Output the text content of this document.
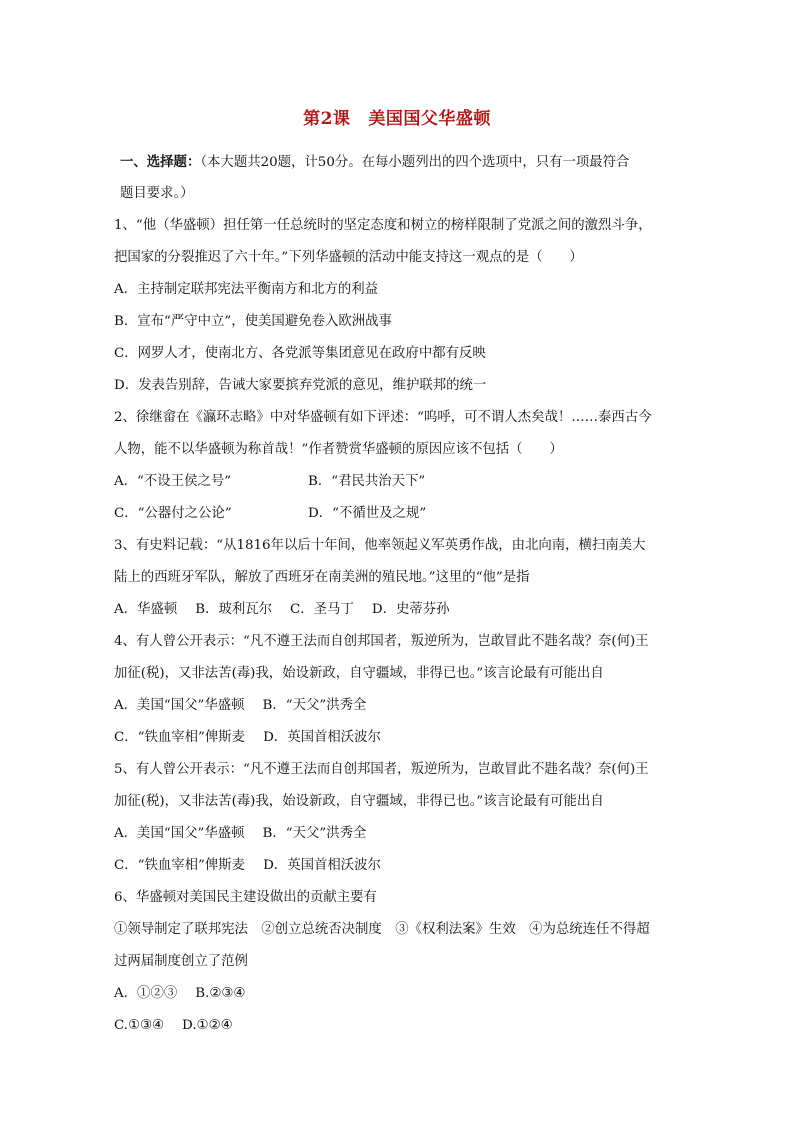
第2课 美国国父华盛顿
一、选择题：（本大题共20题，计50分。在每小题列出的四个选项中，只有一项最符合
题目要求。）
1、“他（华盛顿）担任第一任总统时的坚定态度和树立的榜样限制了党派之间的激烈斗争，
把国家的分裂推迟了六十年。”下列华盛顿的活动中能支持这一观点的是（　　）
A．主持制定联邦宪法平衡南方和北方的利益
B．宣布“严守中立”，使美国避免卷入欧洲战事
C．网罗人才，使南北方、各党派等集团意见在政府中都有反映
D．发表告别辞，告诫大家要摈弃党派的意见，维护联邦的统一
2、徐继畲在《瀛环志略》中对华盛顿有如下评述：“呜呼，可不谓人杰矣哉！……泰西古今
人物，能不以华盛顿为称首哉！”作者赞赏华盛顿的原因应该不包括（　　）
A．“不设王侯之号”	B．“君民共治天下”
C．“公器付之公论”	D．“不循世及之规”
3、有史料记载：“从1816年以后十年间，他率领起义军英勇作战，由北向南，横扫南美大
陆上的西班牙军队，解放了西班牙在南美洲的殖民地。”这里的“他”是指
A．华盛顿 B．玻利瓦尔 C．圣马丁 D．史蒂芬孙
4、有人曾公开表示：“凡不遵王法而自创邦国者，叛逆所为，岂敢冒此不韪名哉？奈(何)王
加征(税)，又非法苦(毒)我，始设新政，自守疆域，非得已也。”该言论最有可能出自
A．美国“国父”华盛顿 B．“天父”洪秀全
C．“铁血宰相”俾斯麦 D．英国首相沃波尔
5、有人曾公开表示：“凡不遵王法而自创邦国者，叛逆所为，岂敢冒此不韪名哉？奈(何)王
加征(税)，又非法苦(毒)我，始设新政，自守疆域，非得已也。”该言论最有可能出自
A．美国“国父”华盛顿 B．“天父”洪秀全
C．“铁血宰相”俾斯麦 D．英国首相沃波尔
6、华盛顿对美国民主建设做出的贡献主要有
①领导制定了联邦宪法　②创立总统否决制度　③《权利法案》生效　④为总统连任不得超
过两届制度创立了范例
A．①②③ B.②③④
C.①③④ D.①②④
